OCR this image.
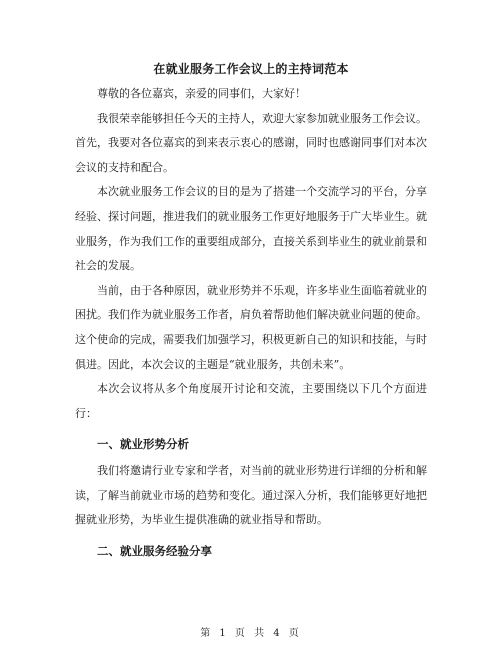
在就业服务工作会议上的主持词范本

尊敬的各位嘉宾，亲爱的同事们，大家好！

我很荣幸能够担任今天的主持人，欢迎大家参加就业服务工作会议。首先，我要对各位嘉宾的到来表示衷心的感谢，同时也感谢同事们对本次会议的支持和配合。

本次就业服务工作会议的目的是为了搭建一个交流学习的平台，分享经验、探讨问题，推进我们的就业服务工作更好地服务于广大毕业生。就业服务，作为我们工作的重要组成部分，直接关系到毕业生的就业前景和社会的发展。

当前，由于各种原因，就业形势并不乐观，许多毕业生面临着就业的困扰。我们作为就业服务工作者，肩负着帮助他们解决就业问题的使命。这个使命的完成，需要我们加强学习，积极更新自己的知识和技能，与时俱进。因此，本次会议的主题是“就业服务，共创未来”。

本次会议将从多个角度展开讨论和交流，主要围绕以下几个方面进行：

一、就业形势分析

我们将邀请行业专家和学者，对当前的就业形势进行详细的分析和解读，了解当前就业市场的趋势和变化。通过深入分析，我们能够更好地把握就业形势，为毕业生提供准确的就业指导和帮助。

二、就业服务经验分享
第 1 页 共 4 页
